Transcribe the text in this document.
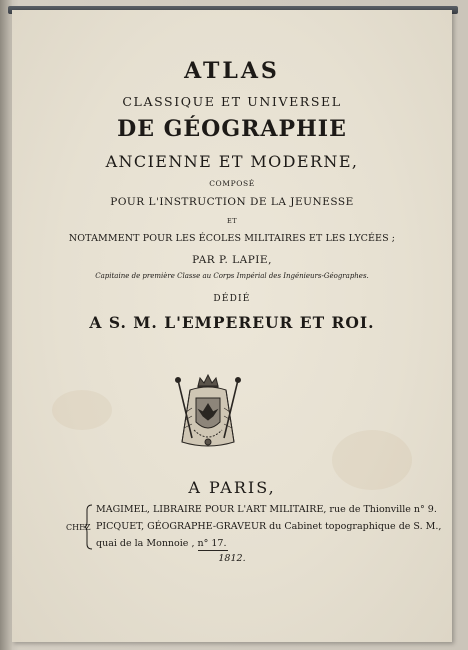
ATLAS
CLASSIQUE ET UNIVERSEL
DE GÉOGRAPHIE
ANCIENNE ET MODERNE,
COMPOSÉ
POUR L'INSTRUCTION DE LA JEUNESSE
ET
NOTAMMENT POUR LES ÉCOLES MILITAIRES ET LES LYCÉES ;
PAR P. LAPIE,
Capitaine de première Classe au Corps Impérial des Ingénieurs-Géographes.
DÉDIÉ
A S. M. L'EMPEREUR ET ROI.
A PARIS,
CHEZ
MAGIMEL, LIBRAIRE POUR L'ART MILITAIRE, rue de Thionville n° 9.
PICQUET, GÉOGRAPHE-GRAVEUR du Cabinet topographique de S. M.,
quai de la Monnoie , n° 17.
1812.
